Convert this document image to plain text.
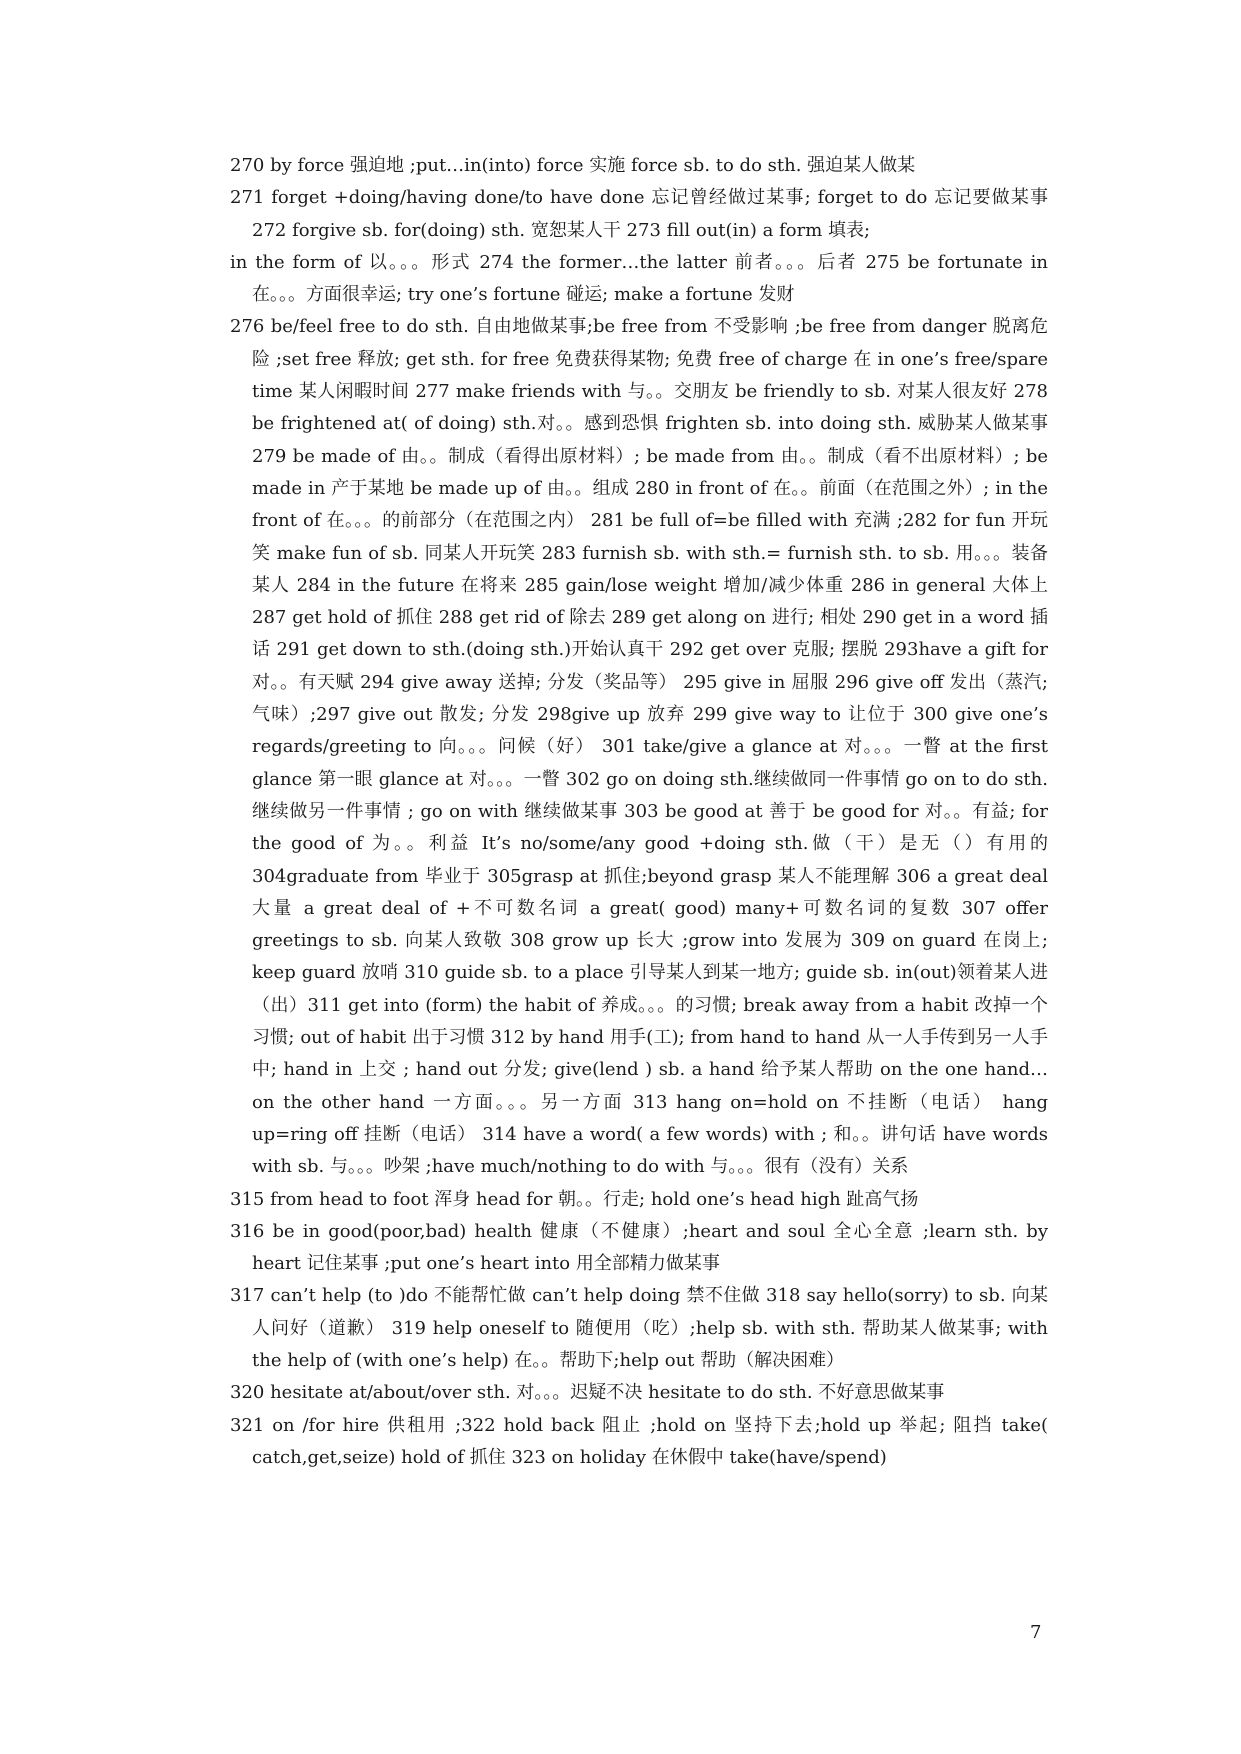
270 by force 强迫地 ;put…in(into) force 实施 force sb. to do sth. 强迫某人做某

271 forget +doing/having done/to have done 忘记曾经做过某事; forget to do 忘记要做某事 272 forgive sb. for(doing) sth. 宽恕某人干 273 fill out(in) a form 填表;

in the form of 以。。。形式 274 the former…the latter 前者。。。后者 275 be fortunate in 在。。。方面很幸运; try one’s fortune 碰运; make a fortune 发财

276 be/feel free to do sth. 自由地做某事;be free from 不受影响 ;be free from danger 脱离危险 ;set free 释放; get sth. for free 免费获得某物; 免费 free of charge 在 in one’s free/spare time 某人闲暇时间 277 make friends with 与。。交朋友 be friendly to sb. 对某人很友好 278 be frightened at( of doing) sth.对。。感到恐惧 frighten sb. into doing sth. 威胁某人做某事 279 be made of 由。。制成（看得出原材料）; be made from 由。。制成（看不出原材料）; be made in 产于某地 be made up of 由。。组成 280 in front of 在。。前面（在范围之外）; in the front of 在。。。的前部分（在范围之内） 281 be full of=be filled with 充满 ;282 for fun 开玩笑 make fun of sb. 同某人开玩笑 283 furnish sb. with sth.= furnish sth. to sb. 用。。。装备某人 284 in the future 在将来 285 gain/lose weight 增加/减少体重 286 in general 大体上 287 get hold of 抓住 288 get rid of 除去 289 get along on 进行; 相处 290 get in a word 插话 291 get down to sth.(doing sth.)开始认真干 292 get over 克服; 摆脱 293have a gift for 对。。有天赋 294 give away 送掉; 分发（奖品等） 295 give in 屈服 296 give off 发出（蒸汽; 气味）;297 give out 散发; 分发 298give up 放弃 299 give way to 让位于 300 give one’s regards/greeting to 向。。。问候（好） 301 take/give a glance at 对。。。一瞥 at the first glance 第一眼 glance at 对。。。一瞥 302 go on doing sth.继续做同一件事情 go on to do sth. 继续做另一件事情 ; go on with 继续做某事 303 be good at 善于 be good for 对。。有益; for the good of 为。。利益 It’s no/some/any good +doing sth.做（干）是无（）有用的 304graduate from 毕业于 305grasp at 抓住;beyond grasp 某人不能理解 306 a great deal 大量 a great deal of +不可数名词 a great( good) many+可数名词的复数 307 offer greetings to sb. 向某人致敬 308 grow up 长大 ;grow into 发展为 309 on guard 在岗上; keep guard 放哨 310 guide sb. to a place 引导某人到某一地方; guide sb. in(out)领着某人进（出）311 get into (form) the habit of 养成。。。的习惯; break away from a habit 改掉一个习惯; out of habit 出于习惯 312 by hand 用手(工); from hand to hand 从一人手传到另一人手中; hand in 上交 ; hand out 分发; give(lend ) sb. a hand 给予某人帮助 on the one hand…on the other hand 一方面。。。另一方面 313 hang on=hold on 不挂断（电话） hang up=ring off 挂断（电话） 314 have a word( a few words) with ; 和。。讲句话 have words with sb. 与。。。吵架 ;have much/nothing to do with 与。。。很有（没有）关系

315 from head to foot 浑身 head for 朝。。行走; hold one’s head high 趾高气扬

316 be in good(poor,bad) health 健康（不健康）;heart and soul 全心全意 ;learn sth. by heart 记住某事 ;put one’s heart into 用全部精力做某事

317 can’t help (to )do 不能帮忙做 can’t help doing 禁不住做 318 say hello(sorry) to sb. 向某人问好（道歉） 319 help oneself to 随便用（吃）;help sb. with sth. 帮助某人做某事; with the help of (with one’s help) 在。。帮助下;help out 帮助（解决困难）

320 hesitate at/about/over sth. 对。。。迟疑不决 hesitate to do sth. 不好意思做某事

321 on /for hire 供租用 ;322 hold back 阻止 ;hold on 坚持下去;hold up 举起; 阻挡 take( catch,get,seize) hold of 抓住 323 on holiday 在休假中 take(have/spend)

7
